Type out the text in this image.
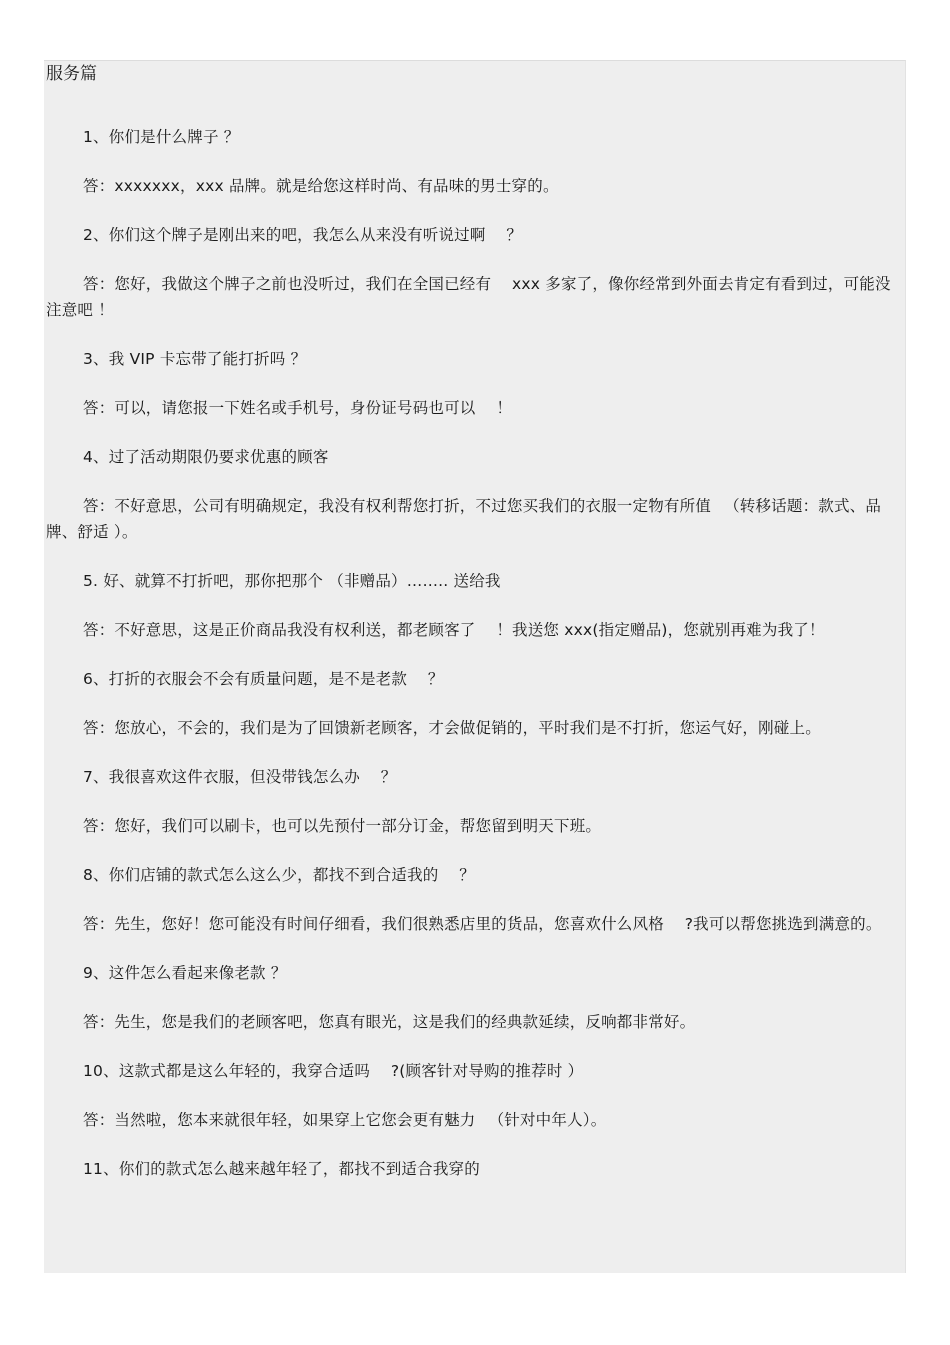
服务篇

1、你们是什么牌子 ？

答：xxxxxxx，xxx 品牌。就是给您这样时尚、有品味的男士穿的。

2、你们这个牌子是刚出来的吧，我怎么从来没有听说过啊 　？

答：您好，我做这个牌子之前也没听过，我们在全国已经有 　xxx 多家了，像你经常到外面去肯定有看到过，可能没注意吧 ！

3、我 VIP 卡忘带了能打折吗 ？

答：可以，请您报一下姓名或手机号，身份证号码也可以 　！

4、过了活动期限仍要求优惠的顾客

答：不好意思，公司有明确规定，我没有权利帮您打折，不过您买我们的衣服一定物有所值 　（转移话题：款式、品牌、舒适 ）。

5. 好、就算不打折吧，那你把那个 （非赠品）…….. 送给我

答：不好意思，这是正价商品我没有权利送，都老顾客了 　！我送您 xxx(指定赠品)，您就别再难为我了！

6、打折的衣服会不会有质量问题，是不是老款 　？

答：您放心，不会的，我们是为了回馈新老顾客，才会做促销的，平时我们是不打折，您运气好，刚碰上。

7、我很喜欢这件衣服，但没带钱怎么办 　？

答：您好，我们可以刷卡，也可以先预付一部分订金，帮您留到明天下班。

8、你们店铺的款式怎么这么少，都找不到合适我的 　？

答：先生，您好！您可能没有时间仔细看，我们很熟悉店里的货品，您喜欢什么风格 　?我可以帮您挑选到满意的。

9、这件怎么看起来像老款 ？

答：先生，您是我们的老顾客吧，您真有眼光，这是我们的经典款延续，反响都非常好。

10、这款式都是这么年轻的，我穿合适吗 　?(顾客针对导购的推荐时 ）

答：当然啦，您本来就很年轻，如果穿上它您会更有魅力 　（针对中年人）。

11、你们的款式怎么越来越年轻了，都找不到适合我穿的
